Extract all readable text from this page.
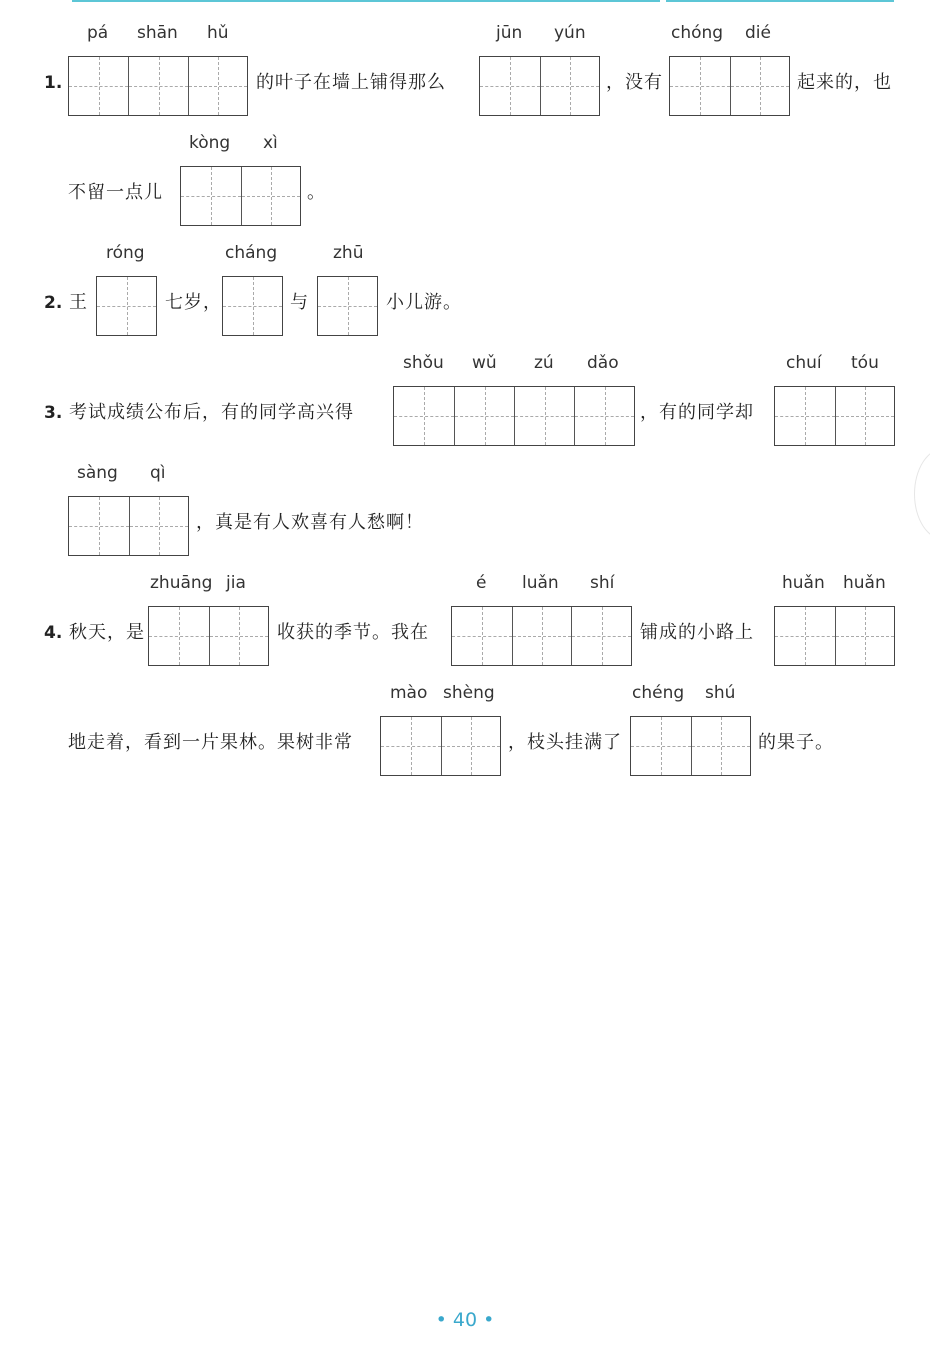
pá shān hǔ
1.	的叶子在墙上铺得那么
jūn yún
，没有
chóng dié
起来的，也
kòng xì
不留一点儿	。
2. 王
róng
七岁，
cháng
与
zhū
小儿游。
3. 考试成绩公布后，有的同学高兴得
shǒu wǔ zú dǎo
，有的同学却
chuí tóu
sàng qì
，真是有人欢喜有人愁啊！
4. 秋天，是
zhuāng jia
收获的季节。我在
é luǎn shí
铺成的小路上
huǎn huǎn
地走着，看到一片果林。果树非常
mào shèng
，枝头挂满了
chéng shú
的果子。
• 40 •
